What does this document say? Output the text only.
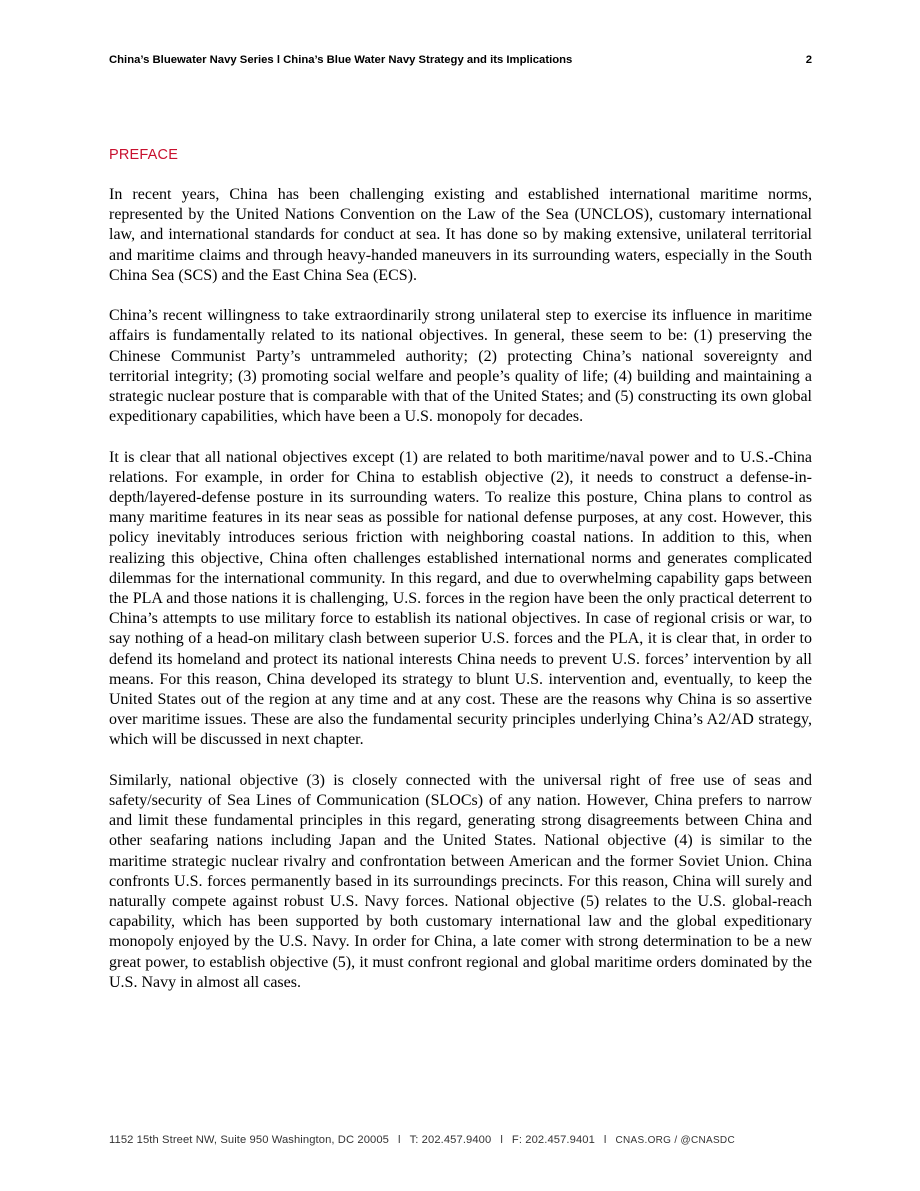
China’s Bluewater Navy Series l China’s Blue Water Navy Strategy and its Implications	2
PREFACE

In recent years, China has been challenging existing and established international maritime norms, represented by the United Nations Convention on the Law of the Sea (UNCLOS), customary international law, and international standards for conduct at sea. It has done so by making extensive, unilateral territorial and maritime claims and through heavy-handed maneuvers in its surrounding waters, especially in the South China Sea (SCS) and the East China Sea (ECS).

China’s recent willingness to take extraordinarily strong unilateral step to exercise its influence in maritime affairs is fundamentally related to its national objectives. In general, these seem to be: (1) preserving the Chinese Communist Party’s untrammeled authority; (2) protecting China’s national sovereignty and territorial integrity; (3) promoting social welfare and people’s quality of life; (4) building and maintaining a strategic nuclear posture that is comparable with that of the United States; and (5) constructing its own global expeditionary capabilities, which have been a U.S. monopoly for decades.

It is clear that all national objectives except (1) are related to both maritime/naval power and to U.S.-China relations. For example, in order for China to establish objective (2), it needs to construct a defense-in-depth/layered-defense posture in its surrounding waters. To realize this posture, China plans to control as many maritime features in its near seas as possible for national defense purposes, at any cost. However, this policy inevitably introduces serious friction with neighboring coastal nations. In addition to this, when realizing this objective, China often challenges established international norms and generates complicated dilemmas for the international community. In this regard, and due to overwhelming capability gaps between the PLA and those nations it is challenging, U.S. forces in the region have been the only practical deterrent to China’s attempts to use military force to establish its national objectives. In case of regional crisis or war, to say nothing of a head-on military clash between superior U.S. forces and the PLA, it is clear that, in order to defend its homeland and protect its national interests China needs to prevent U.S. forces’ intervention by all means. For this reason, China developed its strategy to blunt U.S. intervention and, eventually, to keep the United States out of the region at any time and at any cost. These are the reasons why China is so assertive over maritime issues. These are also the fundamental security principles underlying China’s A2/AD strategy, which will be discussed in next chapter.

Similarly, national objective (3) is closely connected with the universal right of free use of seas and safety/security of Sea Lines of Communication (SLOCs) of any nation. However, China prefers to narrow and limit these fundamental principles in this regard, generating strong disagreements between China and other seafaring nations including Japan and the United States. National objective (4) is similar to the maritime strategic nuclear rivalry and confrontation between American and the former Soviet Union. China confronts U.S. forces permanently based in its surroundings precincts. For this reason, China will surely and naturally compete against robust U.S. Navy forces. National objective (5) relates to the U.S. global-reach capability, which has been supported by both customary international law and the global expeditionary monopoly enjoyed by the U.S. Navy. In order for China, a late comer with strong determination to be a new great power, to establish objective (5), it must confront regional and global maritime orders dominated by the U.S. Navy in almost all cases.

1152 15th Street NW, Suite 950 Washington, DC 20005 l T: 202.457.9400 l F: 202.457.9401 l CNAS.ORG / @CNASDC
